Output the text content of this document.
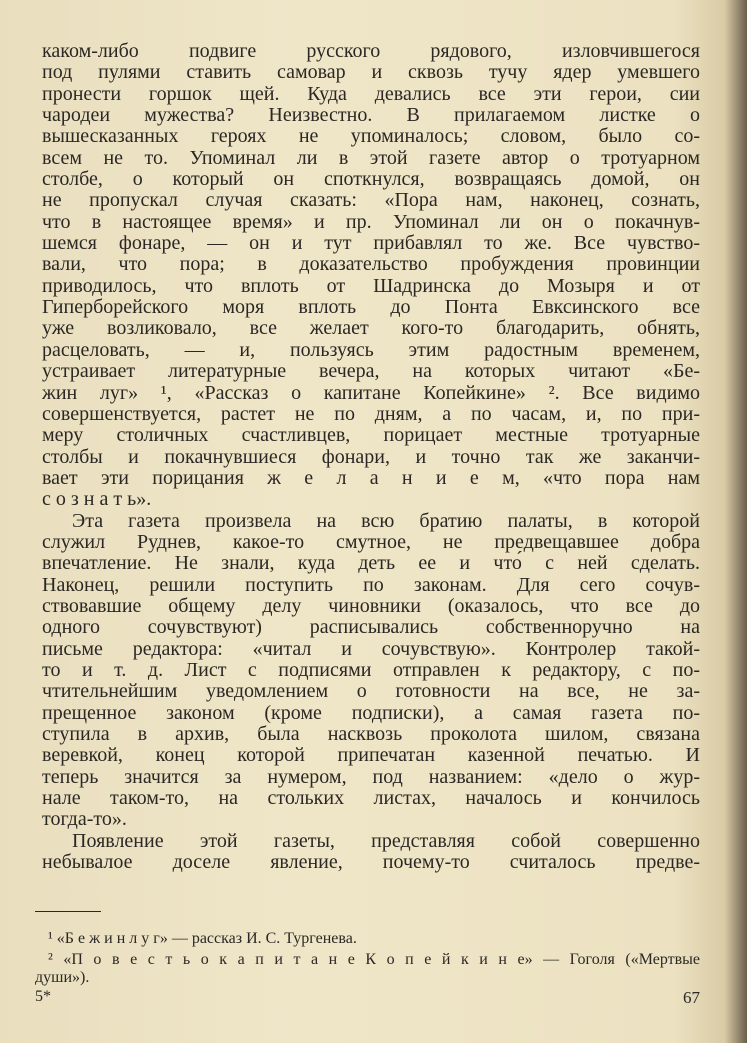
каком-либо подвиге русского рядового, изловчившегося
под пулями ставить самовар и сквозь тучу ядер умевшего
пронести горшок щей. Куда девались все эти герои, сии
чародеи мужества? Неизвестно. В прилагаемом листке о
вышесказанных героях не упоминалось; словом, было со-
всем не то. Упоминал ли в этой газете автор о тротуарном
столбе, о который он споткнулся, возвращаясь домой, он
не пропускал случая сказать: «Пора нам, наконец, сознать,
что в настоящее время» и пр. Упоминал ли он о покачнув-
шемся фонаре, — он и тут прибавлял то же. Все чувство-
вали, что пора; в доказательство пробуждения провинции
приводилось, что вплоть от Шадринска до Мозыря и от
Гиперборейского моря вплоть до Понта Евксинского все
уже возликовало, все желает кого-то благодарить, обнять,
расцеловать, — и, пользуясь этим радостным временем,
устраивает литературные вечера, на которых читают «Бе-
жин луг» ¹, «Рассказ о капитане Копейкине» ². Все видимо
совершенствуется, растет не по дням, а по часам, и, по при-
меру столичных счастливцев, порицает местные тротуарные
столбы и покачнувшиеся фонари, и точно так же заканчи-
вает эти порицания ж е л а н и е м, «что пора нам
с о з н а т ь».
Эта газета произвела на всю братию палаты, в которой
служил Руднев, какое-то смутное, не предвещавшее добра
впечатление. Не знали, куда деть ее и что́ с ней сделать.
Наконец, решили поступить по законам. Для сего сочув-
ствовавшие общему делу чиновники (оказалось, что все до
одного сочувствуют) расписывались собственноручно на
письме редактора: «читал и сочувствую». Контролер такой-
то и т. д. Лист с подписями отправлен к редактору, с по-
чтительнейшим уведомлением о готовности на все, не за-
прещенное законом (кроме подписки), а самая газета по-
ступила в архив, была насквозь проколота шилом, связана
веревкой, конец которой припечатан казенной печатью. И
теперь значится за нумером, под названием: «дело о жур-
нале таком-то, на стольких листах, началось и кончилось
тогда-то».
Появление этой газеты, представляя собой совершенно
небывалое доселе явление, почему-то считалось предве-
¹ «Б е ж и н л у г» — рассказ И. С. Тургенева.
² «П о в е с т ь о к а п и т а н е К о п е й к и н е» — Гоголя («Мертвые
души»).
5*	67
